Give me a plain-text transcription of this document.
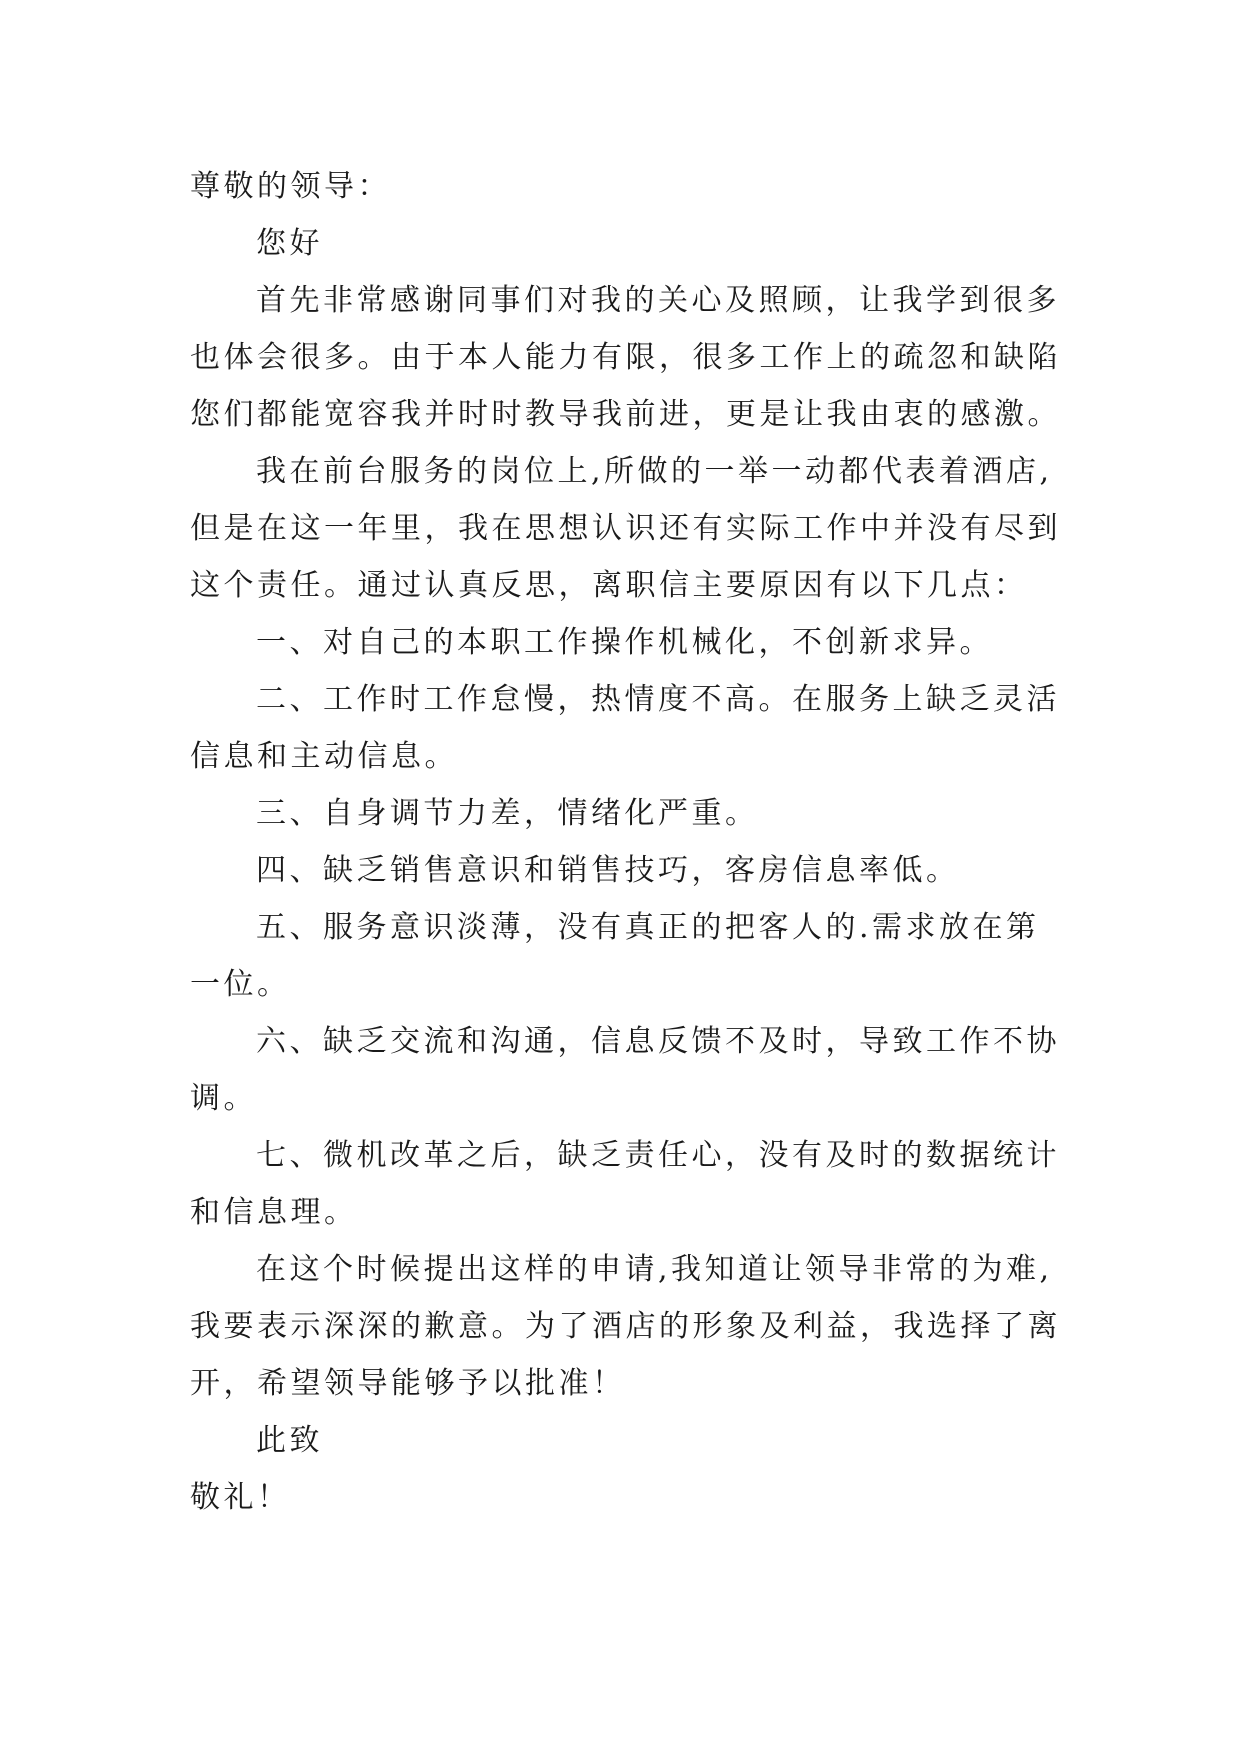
尊敬的领导：
您好
首先非常感谢同事们对我的关心及照顾，让我学到很多
也体会很多。由于本人能力有限，很多工作上的疏忽和缺陷
您们都能宽容我并时时教导我前进，更是让我由衷的感激。
我在前台服务的岗位上,所做的一举一动都代表着酒店,
但是在这一年里，我在思想认识还有实际工作中并没有尽到
这个责任。通过认真反思，离职信主要原因有以下几点：
一、对自己的本职工作操作机械化，不创新求异。
二、工作时工作怠慢，热情度不高。在服务上缺乏灵活
信息和主动信息。
三、自身调节力差，情绪化严重。
四、缺乏销售意识和销售技巧，客房信息率低。
五、服务意识淡薄，没有真正的把客人的.需求放在第
一位。
六、缺乏交流和沟通，信息反馈不及时，导致工作不协
调。
七、微机改革之后，缺乏责任心，没有及时的数据统计
和信息理。
在这个时候提出这样的申请,我知道让领导非常的为难,
我要表示深深的歉意。为了酒店的形象及利益，我选择了离
开，希望领导能够予以批准！
此致
敬礼！
